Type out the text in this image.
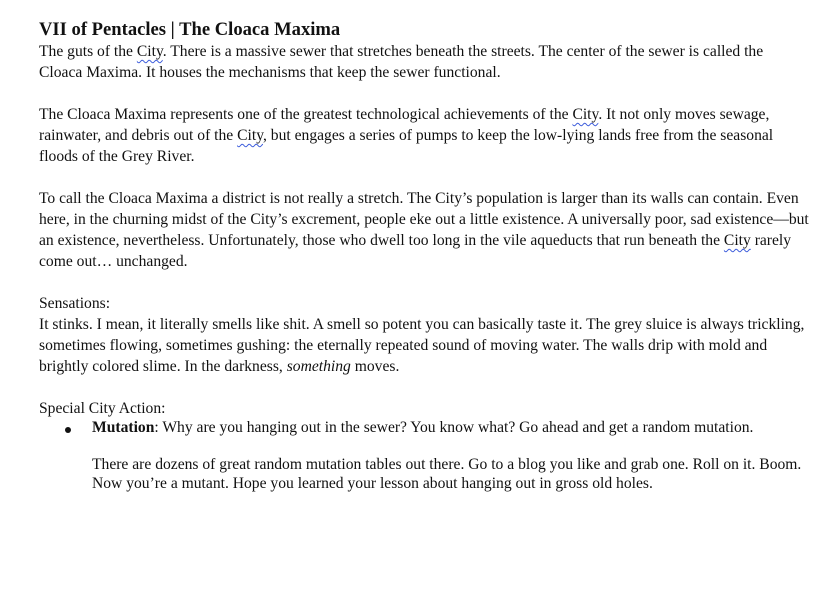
VII of Pentacles | The Cloaca Maxima

The guts of the City. There is a massive sewer that stretches beneath the streets. The center of the sewer is called the Cloaca Maxima. It houses the mechanisms that keep the sewer functional.

The Cloaca Maxima represents one of the greatest technological achievements of the City. It not only moves sewage, rainwater, and debris out of the City, but engages a series of pumps to keep the low-lying lands free from the seasonal floods of the Grey River.

To call the Cloaca Maxima a district is not really a stretch. The City’s population is larger than its walls can contain. Even here, in the churning midst of the City’s excrement, people eke out a little existence. A universally poor, sad existence—but an existence, nevertheless. Unfortunately, those who dwell too long in the vile aqueducts that run beneath the City rarely come out… unchanged.

Sensations:

It stinks. I mean, it literally smells like shit. A smell so potent you can basically taste it. The grey sluice is always trickling, sometimes flowing, sometimes gushing: the eternally repeated sound of moving water. The walls drip with mold and brightly colored slime. In the darkness, something moves.

Special City Action:

Mutation: Why are you hanging out in the sewer? You know what? Go ahead and get a random mutation.

There are dozens of great random mutation tables out there. Go to a blog you like and grab one. Roll on it. Boom. Now you’re a mutant. Hope you learned your lesson about hanging out in gross old holes.
